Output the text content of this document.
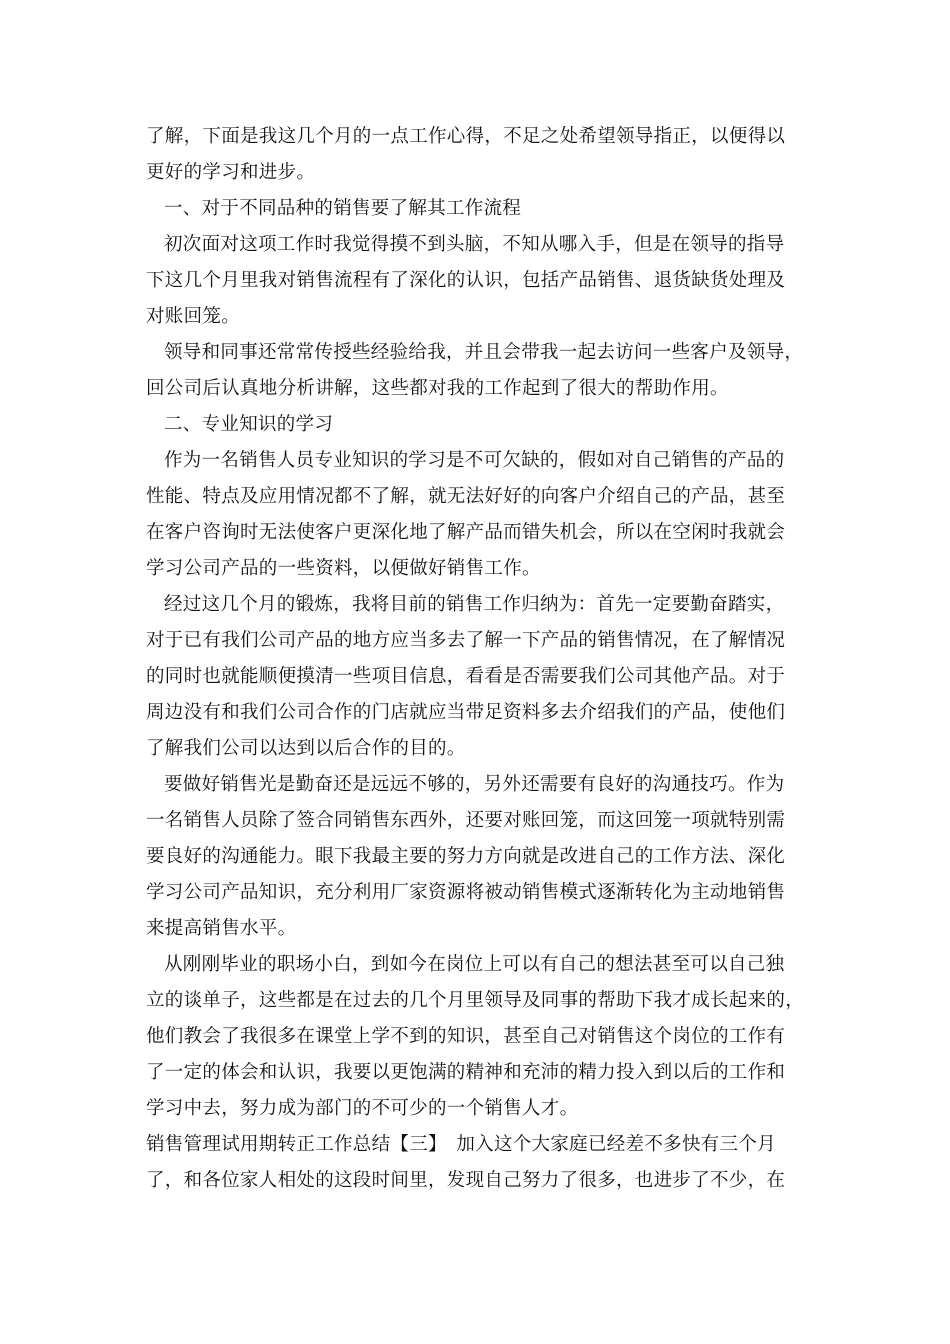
了解，下面是我这几个月的一点工作心得，不足之处希望领导指正，以便得以
更好的学习和进步。
一、对于不同品种的销售要了解其工作流程
初次面对这项工作时我觉得摸不到头脑，不知从哪入手，但是在领导的指导
下这几个月里我对销售流程有了深化的认识，包括产品销售、退货缺货处理及
对账回笼。
领导和同事还常常传授些经验给我，并且会带我一起去访问一些客户及领导，
回公司后认真地分析讲解，这些都对我的工作起到了很大的帮助作用。
二、专业知识的学习
作为一名销售人员专业知识的学习是不可欠缺的，假如对自己销售的产品的
性能、特点及应用情况都不了解，就无法好好的向客户介绍自己的产品，甚至
在客户咨询时无法使客户更深化地了解产品而错失机会，所以在空闲时我就会
学习公司产品的一些资料，以便做好销售工作。
经过这几个月的锻炼，我将目前的销售工作归纳为：首先一定要勤奋踏实，
对于已有我们公司产品的地方应当多去了解一下产品的销售情况，在了解情况
的同时也就能顺便摸清一些项目信息，看看是否需要我们公司其他产品。对于
周边没有和我们公司合作的门店就应当带足资料多去介绍我们的产品，使他们
了解我们公司以达到以后合作的目的。
要做好销售光是勤奋还是远远不够的，另外还需要有良好的沟通技巧。作为
一名销售人员除了签合同销售东西外，还要对账回笼，而这回笼一项就特别需
要良好的沟通能力。眼下我最主要的努力方向就是改进自己的工作方法、深化
学习公司产品知识，充分利用厂家资源将被动销售模式逐渐转化为主动地销售
来提高销售水平。
从刚刚毕业的职场小白，到如今在岗位上可以有自己的想法甚至可以自己独
立的谈单子，这些都是在过去的几个月里领导及同事的帮助下我才成长起来的，
他们教会了我很多在课堂上学不到的知识，甚至自己对销售这个岗位的工作有
了一定的体会和认识，我要以更饱满的精神和充沛的精力投入到以后的工作和
学习中去，努力成为部门的不可少的一个销售人才。
销售管理试用期转正工作总结【三】　加入这个大家庭已经差不多快有三个月
了，和各位家人相处的这段时间里，发现自己努力了很多，也进步了不少，在
